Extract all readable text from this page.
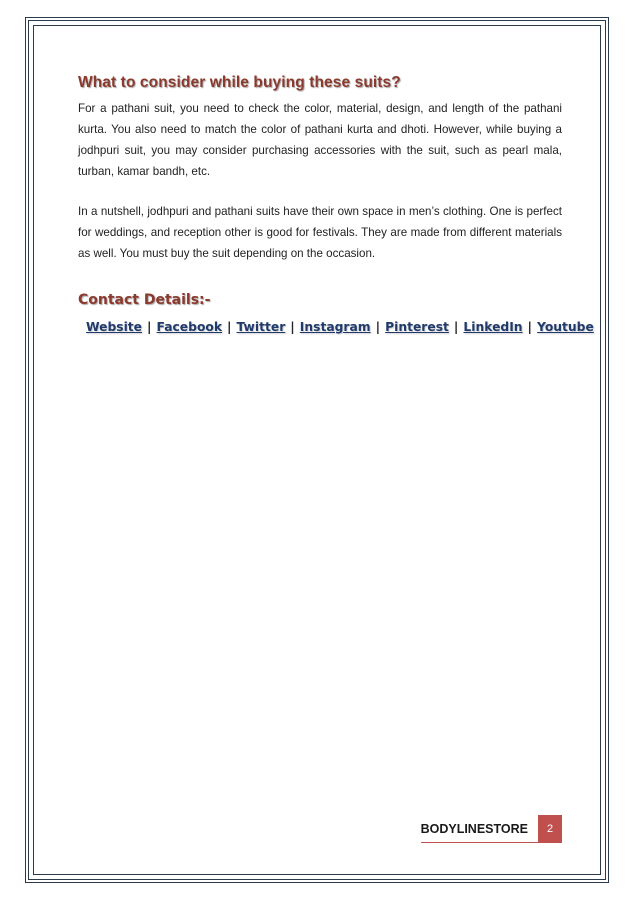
What to consider while buying these suits?

For a pathani suit, you need to check the color, material, design, and length of the pathani kurta. You also need to match the color of pathani kurta and dhoti. However, while buying a jodhpuri suit, you may consider purchasing accessories with the suit, such as pearl mala, turban, kamar bandh, etc.

In a nutshell, jodhpuri and pathani suits have their own space in men’s clothing. One is perfect for weddings, and reception other is good for festivals. They are made from different materials as well. You must buy the suit depending on the occasion.

Contact Details:-
Website | Facebook | Twitter | Instagram | Pinterest | LinkedIn | Youtube
BODYLINESTORE	2
